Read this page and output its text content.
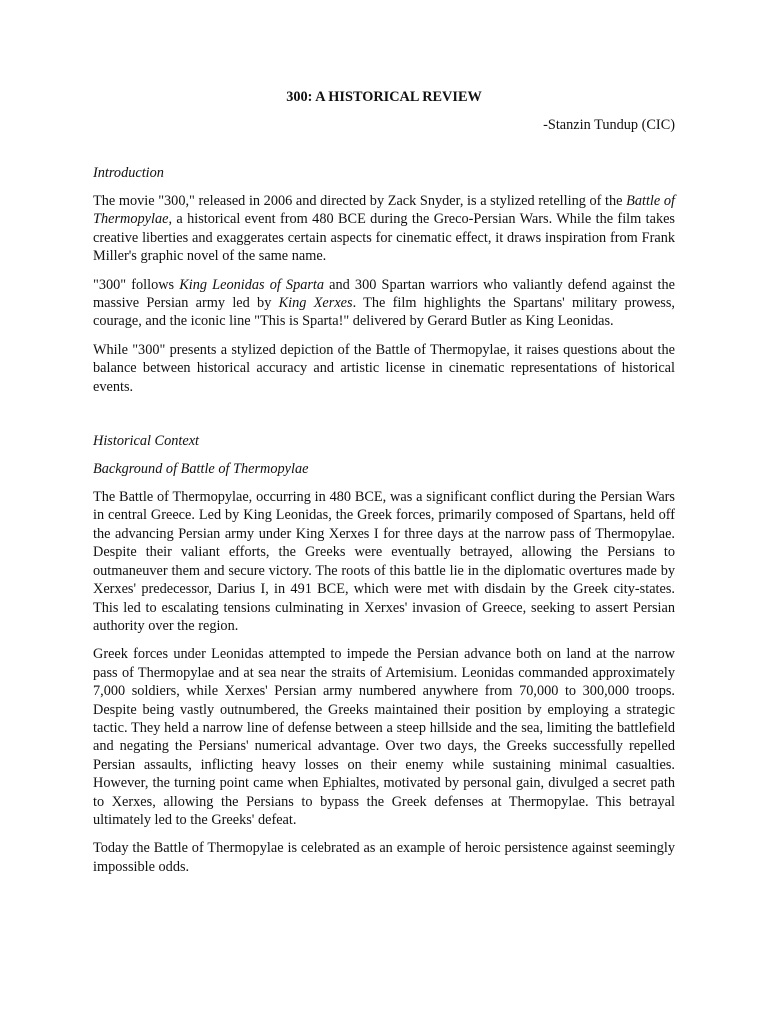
300: A HISTORICAL REVIEW

-Stanzin Tundup (CIC)

Introduction

The movie "300," released in 2006 and directed by Zack Snyder, is a stylized retelling of the Battle of Thermopylae, a historical event from 480 BCE during the Greco-Persian Wars. While the film takes creative liberties and exaggerates certain aspects for cinematic effect, it draws inspiration from Frank Miller's graphic novel of the same name.

"300" follows King Leonidas of Sparta and 300 Spartan warriors who valiantly defend against the massive Persian army led by King Xerxes. The film highlights the Spartans' military prowess, courage, and the iconic line "This is Sparta!" delivered by Gerard Butler as King Leonidas.

While "300" presents a stylized depiction of the Battle of Thermopylae, it raises questions about the balance between historical accuracy and artistic license in cinematic representations of historical events.

Historical Context

Background of Battle of Thermopylae

The Battle of Thermopylae, occurring in 480 BCE, was a significant conflict during the Persian Wars in central Greece. Led by King Leonidas, the Greek forces, primarily composed of Spartans, held off the advancing Persian army under King Xerxes I for three days at the narrow pass of Thermopylae. Despite their valiant efforts, the Greeks were eventually betrayed, allowing the Persians to outmaneuver them and secure victory. The roots of this battle lie in the diplomatic overtures made by Xerxes' predecessor, Darius I, in 491 BCE, which were met with disdain by the Greek city-states. This led to escalating tensions culminating in Xerxes' invasion of Greece, seeking to assert Persian authority over the region.

Greek forces under Leonidas attempted to impede the Persian advance both on land at the narrow pass of Thermopylae and at sea near the straits of Artemisium. Leonidas commanded approximately 7,000 soldiers, while Xerxes' Persian army numbered anywhere from 70,000 to 300,000 troops. Despite being vastly outnumbered, the Greeks maintained their position by employing a strategic tactic. They held a narrow line of defense between a steep hillside and the sea, limiting the battlefield and negating the Persians' numerical advantage. Over two days, the Greeks successfully repelled Persian assaults, inflicting heavy losses on their enemy while sustaining minimal casualties. However, the turning point came when Ephialtes, motivated by personal gain, divulged a secret path to Xerxes, allowing the Persians to bypass the Greek defenses at Thermopylae. This betrayal ultimately led to the Greeks' defeat.

Today the Battle of Thermopylae is celebrated as an example of heroic persistence against seemingly impossible odds.
